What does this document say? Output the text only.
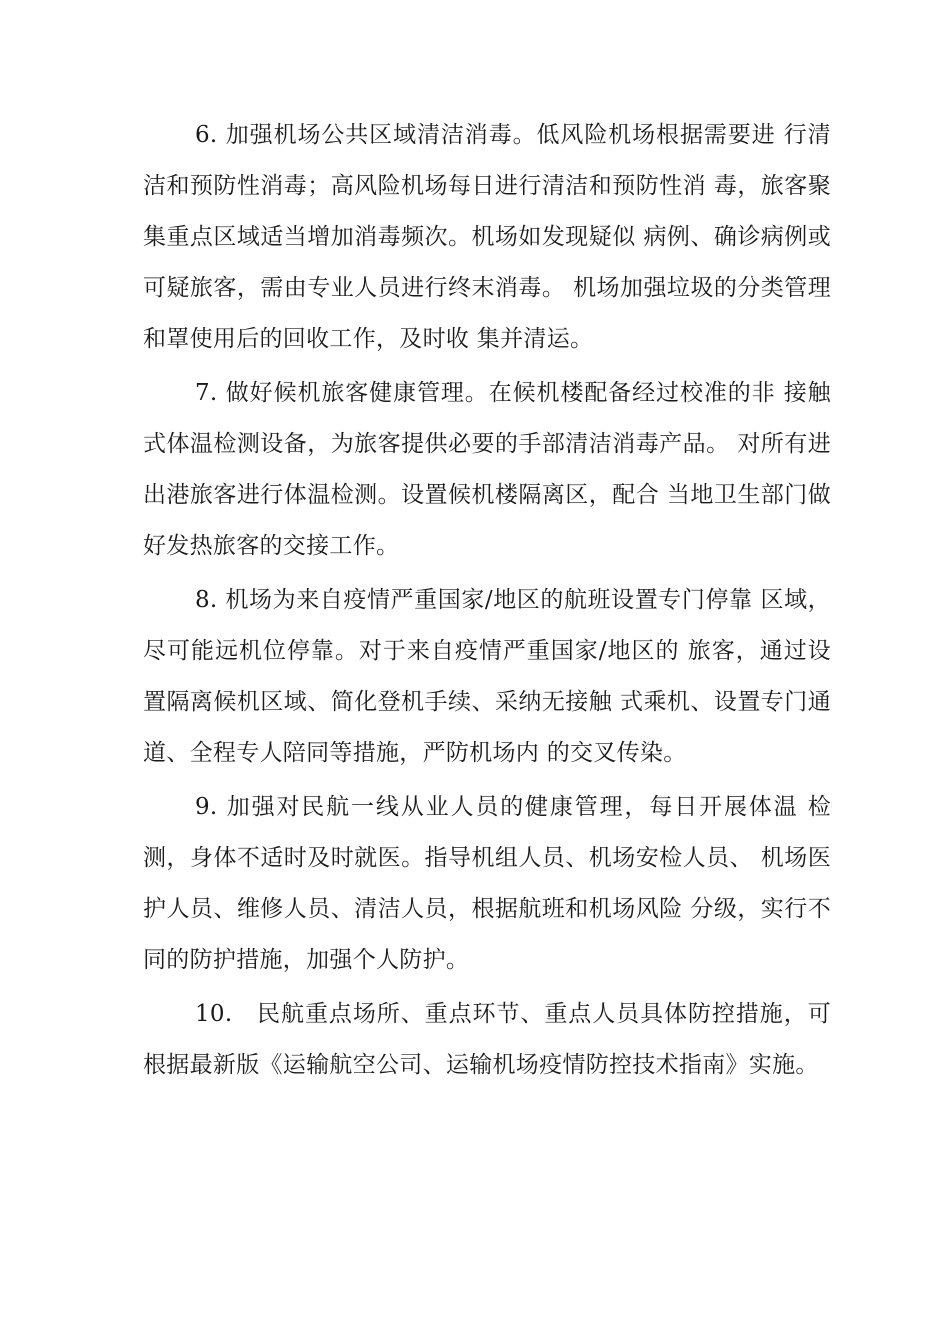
6. 加强机场公共区域清洁消毒。低风险机场根据需要进 行清洁和预防性消毒；高风险机场每日进行清洁和预防性消 毒，旅客聚集重点区域适当增加消毒频次。机场如发现疑似 病例、确诊病例或可疑旅客，需由专业人员进行终末消毒。 机场加强垃圾的分类管理和罩使用后的回收工作，及时收 集并清运。

7. 做好候机旅客健康管理。在候机楼配备经过校准的非 接触式体温检测设备，为旅客提供必要的手部清洁消毒产品。 对所有进出港旅客进行体温检测。设置候机楼隔离区，配合 当地卫生部门做好发热旅客的交接工作。

8. 机场为来自疫情严重国家/地区的航班设置专门停靠 区域，尽可能远机位停靠。对于来自疫情严重国家/地区的 旅客，通过设置隔离候机区域、简化登机手续、采纳无接触 式乘机、设置专门通道、全程专人陪同等措施，严防机场内 的交叉传染。

9. 加强对民航一线从业人员的健康管理，每日开展体温 检测，身体不适时及时就医。指导机组人员、机场安检人员、 机场医护人员、维修人员、清洁人员，根据航班和机场风险 分级，实行不同的防护措施，加强个人防护。

10.　民航重点场所、重点环节、重点人员具体防控措施，可根据最新版《运输航空公司、运输机场疫情防控技术指南》实施。
